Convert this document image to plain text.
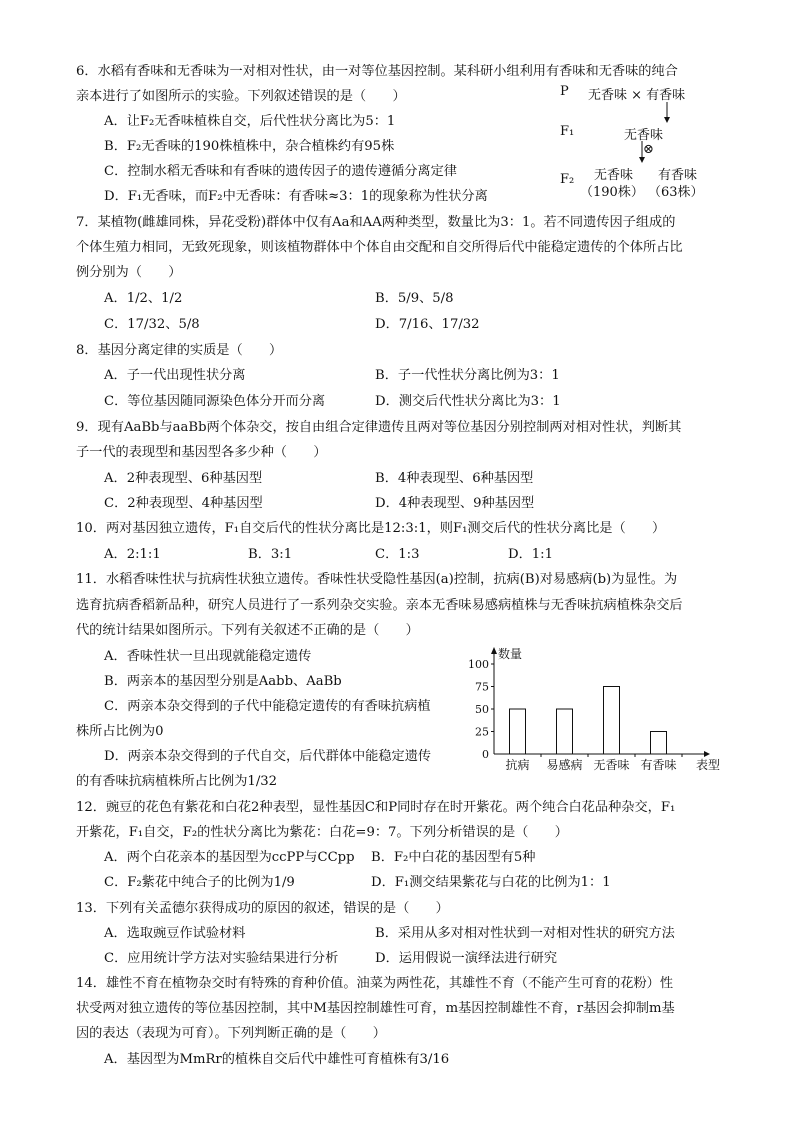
6．水稻有香味和无香味为一对相对性状，由一对等位基因控制。某科研小组利用有香味和无香味的纯合
亲本进行了如图所示的实验。下列叙述错误的是（　　）
A．让F₂无香味植株自交，后代性状分离比为5：1
B．F₂无香味的190株植株中，杂合植株约有95株
C．控制水稻无香味和有香味的遗传因子的遗传遵循分离定律
D．F₁无香味，而F₂中无香味：有香味≈3：1的现象称为性状分离
P 无香味 × 有香味
F₁	无香味
⊗
F₂ 无香味 有香味
（190株） （63株）
7．某植物(雌雄同株，异花受粉)群体中仅有Aa和AA两种类型，数量比为3：1。若不同遗传因子组成的
个体生殖力相同，无致死现象，则该植物群体中个体自由交配和自交所得后代中能稳定遗传的个体所占比
例分别为（　　）
A．1/2、1/2	B．5/9、5/8
C．17/32、5/8	D．7/16、17/32
8．基因分离定律的实质是（　　）
A．子一代出现性状分离	B．子一代性状分离比例为3：1
C．等位基因随同源染色体分开而分离	D．测交后代性状分离比为3：1
9．现有AaBb与aaBb两个体杂交，按自由组合定律遗传且两对等位基因分别控制两对相对性状，判断其
子一代的表现型和基因型各多少种（　　）
A．2种表现型、6种基因型	B．4种表现型、6种基因型
C．2种表现型、4种基因型	D．4种表现型、9种基因型
10．两对基因独立遗传，F₁自交后代的性状分离比是12:3:1，则F₁测交后代的性状分离比是（　　）
A．2:1:1	B．3:1	C．1:3	D．1:1
11．水稻香味性状与抗病性状独立遗传。香味性状受隐性基因(a)控制，抗病(B)对易感病(b)为显性。为
选育抗病香稻新品种，研究人员进行了一系列杂交实验。亲本无香味易感病植株与无香味抗病植株杂交后
代的统计结果如图所示。下列有关叙述不正确的是（　　）
A．香味性状一旦出现就能稳定遗传
B．两亲本的基因型分别是Aabb、AaBb
C．两亲本杂交得到的子代中能稳定遗传的有香味抗病植
株所占比例为0
D．两亲本杂交得到的子代自交，后代群体中能稳定遗传
的有香味抗病植株所占比例为1/32
0
25
50
75
100
数量
抗病 易感病 无香味 有香味 表型
12．豌豆的花色有紫花和白花2种表型，显性基因C和P同时存在时开紫花。两个纯合白花品种杂交，F₁
开紫花，F₁自交，F₂的性状分离比为紫花：白花=9：7。下列分析错误的是（　　）
A．两个白花亲本的基因型为ccPP与CCpp B．F₂中白花的基因型有5种
C．F₂紫花中纯合子的比例为1/9	D．F₁测交结果紫花与白花的比例为1：1
13．下列有关孟德尔获得成功的原因的叙述，错误的是（　　）
A．选取豌豆作试验材料	B．采用从多对相对性状到一对相对性状的研究方法
C．应用统计学方法对实验结果进行分析	D．运用假说一演绎法进行研究
14．雄性不育在植物杂交时有特殊的育种价值。油菜为两性花，其雄性不育（不能产生可育的花粉）性
状受两对独立遗传的等位基因控制，其中M基因控制雄性可育，m基因控制雄性不育，r基因会抑制m基
因的表达（表现为可育）。下列判断正确的是（　　）
A．基因型为MmRr的植株自交后代中雄性可育植株有3/16
